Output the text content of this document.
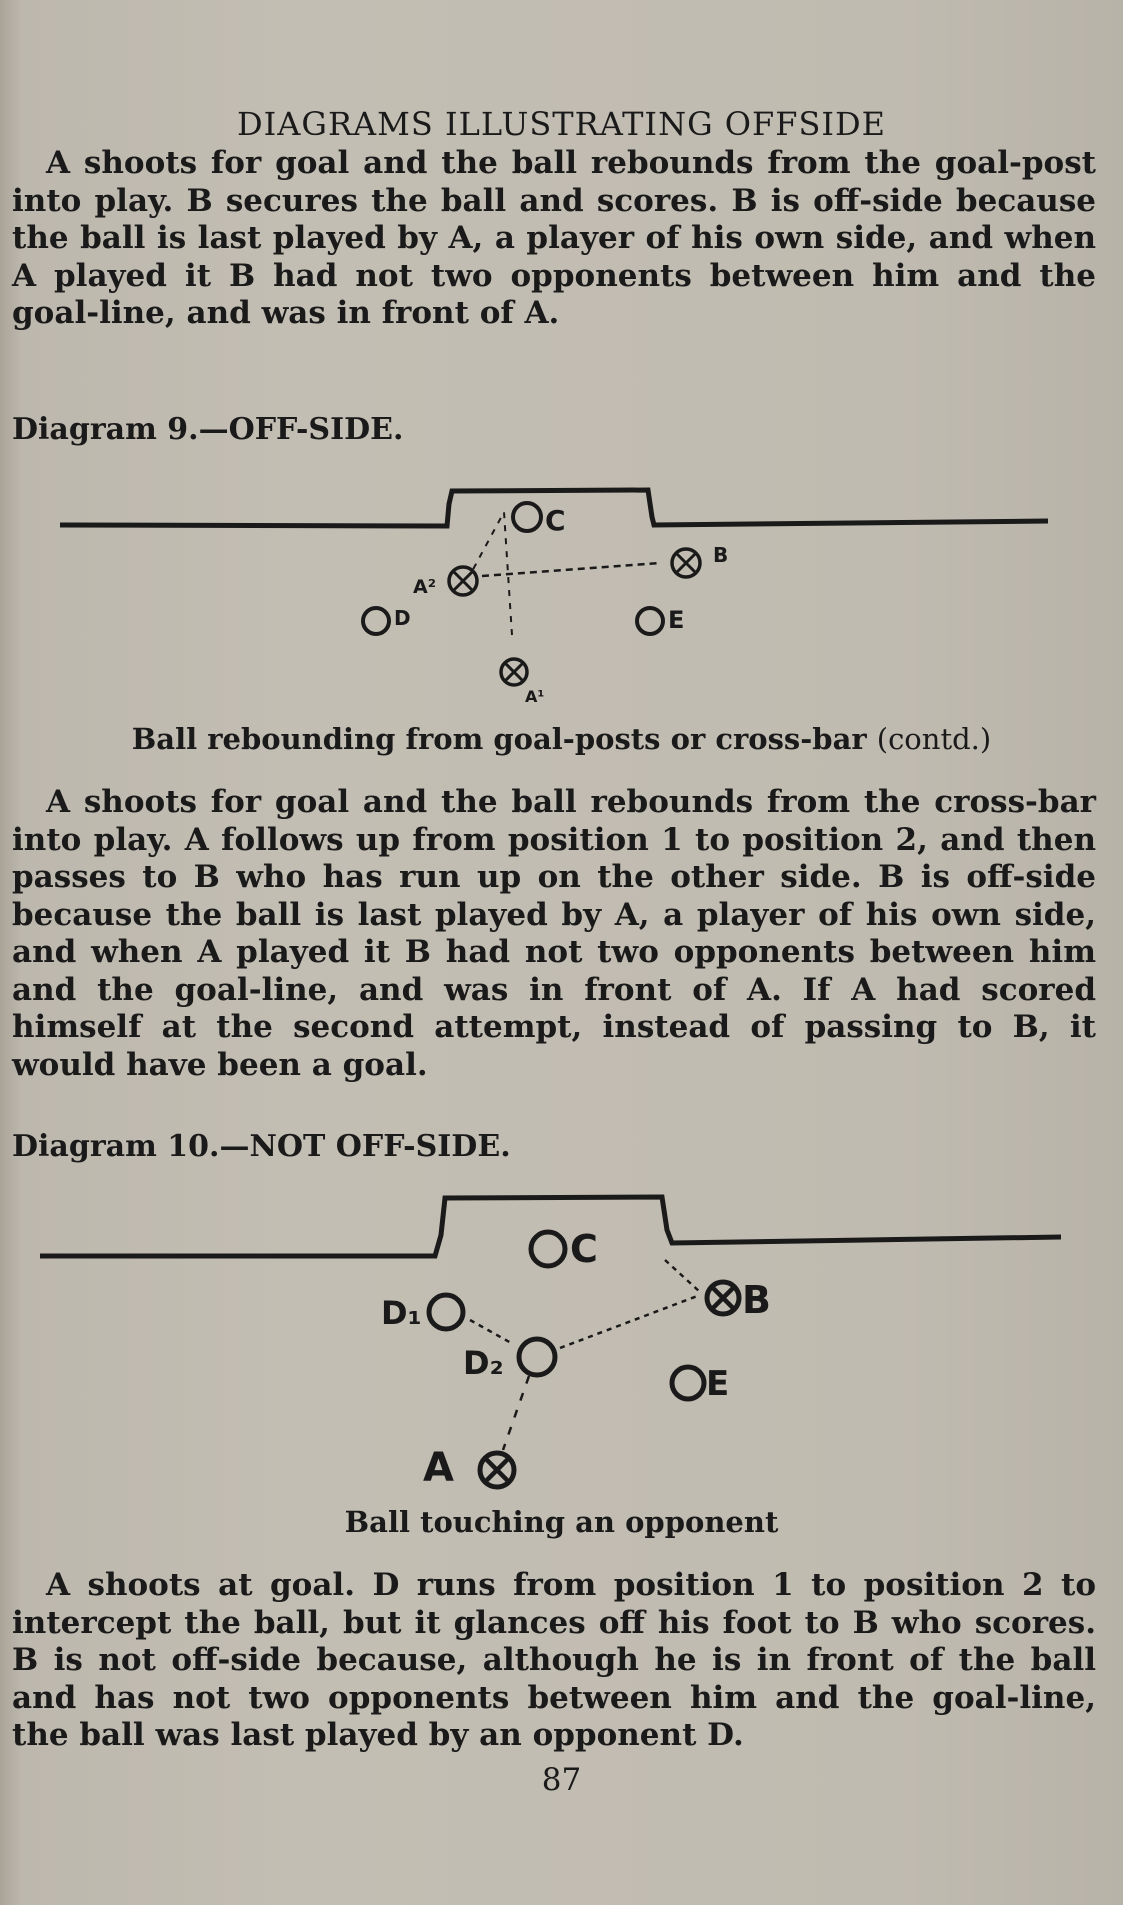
DIAGRAMS ILLUSTRATING OFFSIDE

A shoots for goal and the ball rebounds from the goal-post into play. B secures the ball and scores. B is off-side because the ball is last played by A, a player of his own side, and when A played it B had not two opponents between him and the goal-line, and was in front of A.

Diagram 9.—OFF-SIDE.

C
A²
B
D	E
A¹

Ball rebounding from goal-posts or cross-bar (contd.)

A shoots for goal and the ball rebounds from the cross-bar into play. A follows up from position 1 to position 2, and then passes to B who has run up on the other side. B is off-side because the ball is last played by A, a player of his own side, and when A played it B had not two opponents between him and the goal-line, and was in front of A. If A had scored himself at the second attempt, instead of passing to B, it would have been a goal.

Diagram 10.—NOT OFF-SIDE.

C
D₁
D₂
B
E
A

Ball touching an opponent

A shoots at goal. D runs from position 1 to position 2 to intercept the ball, but it glances off his foot to B who scores. B is not off-side because, although he is in front of the ball and has not two opponents between him and the goal-line, the ball was last played by an opponent D.

87
